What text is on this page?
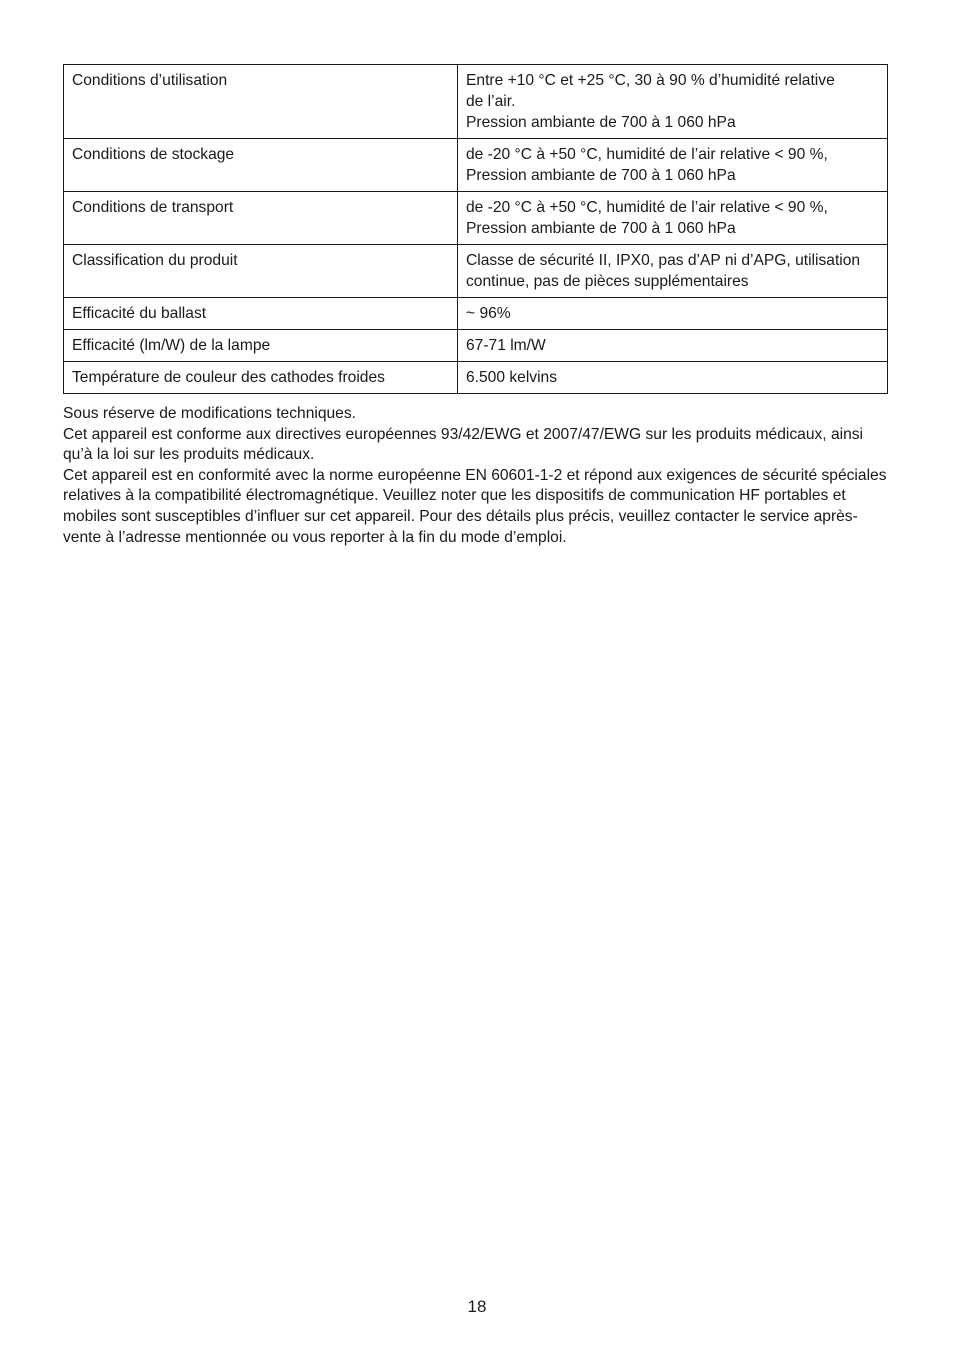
Conditions d’utilisation	Entre +10 °C et +25 °C, 30 à 90 % d’humidité relative
de l’air.
Pression ambiante de 700 à 1 060 hPa
Conditions de stockage	de -20 °C à +50 °C, humidité de l’air relative < 90 %,
Pression ambiante de 700 à 1 060 hPa
Conditions de transport	de -20 °C à +50 °C, humidité de l’air relative < 90 %,
Pression ambiante de 700 à 1 060 hPa
Classification du produit	Classe de sécurité II, IPX0, pas d’AP ni d’APG, utilisation
continue, pas de pièces supplémentaires
Efficacité du ballast	~ 96%
Efficacité (lm/W) de la lampe	67-71 lm/W
Température de couleur des cathodes froides	6.500 kelvins

Sous réserve de modifications techniques.

Cet appareil est conforme aux directives européennes 93/42/EWG et 2007/47/EWG sur les produits médicaux, ainsi qu’à la loi sur les produits médicaux.

Cet appareil est en conformité avec la norme européenne EN 60601-1-2 et répond aux exigences de sécurité spéciales relatives à la compatibilité électromagnétique. Veuillez noter que les dispositifs de communication HF portables et mobiles sont susceptibles d’influer sur cet appareil. Pour des détails plus précis, veuillez contacter le service après-vente à l’adresse mentionnée ou vous reporter à la fin du mode d’emploi.

18
